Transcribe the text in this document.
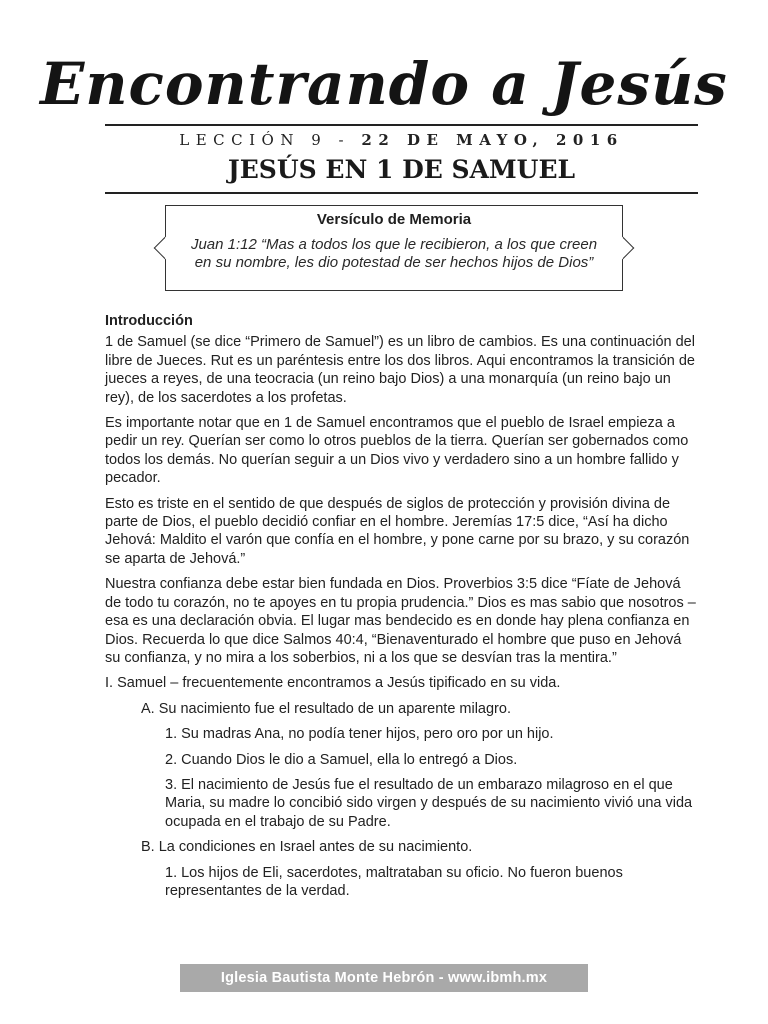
Encontrando a Jesús
LECCIÓN 9 - 22 DE MAYO, 2016
JESÚS EN 1 DE SAMUEL
Versículo de Memoria
Juan 1:12 “Mas a todos los que le recibieron, a los que creen en su nombre, les dio potestad de ser hechos hijos de Dios”

Introducción

1 de Samuel (se dice “Primero de Samuel”) es un libro de cambios. Es una continuación del libre de Jueces. Rut es un paréntesis entre los dos libros. Aqui encontramos la transición de jueces a reyes, de una teocracia (un reino bajo Dios) a una monarquía (un reino bajo un rey), de los sacerdotes a los profetas.

Es importante notar que en 1 de Samuel encontramos que el pueblo de Israel empieza a pedir un rey. Querían ser como lo otros pueblos de la tierra. Querían ser gobernados como todos los demás. No querían seguir a un Dios vivo y verdadero sino a un hombre fallido y pecador.

Esto es triste en el sentido de que después de siglos de protección y provisión divina de parte de Dios, el pueblo decidió confiar en el hombre. Jeremías 17:5 dice, “Así ha dicho Jehová: Maldito el varón que confía en el hombre, y pone carne por su brazo, y su corazón se aparta de Jehová.”

Nuestra confianza debe estar bien fundada en Dios. Proverbios 3:5 dice “Fíate de Jehová de todo tu corazón, no te apoyes en tu propia prudencia.” Dios es mas sabio que nosotros – esa es una declaración obvia. El lugar mas bendecido es en donde hay plena confianza en Dios. Recuerda lo que dice Salmos 40:4, “Bienaventurado el hombre que puso en Jehová su confianza, y no mira a los soberbios, ni a los que se desvían tras la mentira.”

I. Samuel – frecuentemente encontramos a Jesús tipificado en su vida.

A. Su nacimiento fue el resultado de un aparente milagro.

1. Su madras Ana, no podía tener hijos, pero oro por un hijo.

2. Cuando Dios le dio a Samuel, ella lo entregó a Dios.

3. El nacimiento de Jesús fue el resultado de un embarazo milagroso en el que Maria, su madre lo concibió sido virgen y después de su nacimiento vivió una vida ocupada en el trabajo de su Padre.

B. La condiciones en Israel antes de su nacimiento.

1. Los hijos de Eli, sacerdotes, maltrataban su oficio. No fueron buenos representantes de la verdad.

Iglesia Bautista Monte Hebrón - www.ibmh.mx
